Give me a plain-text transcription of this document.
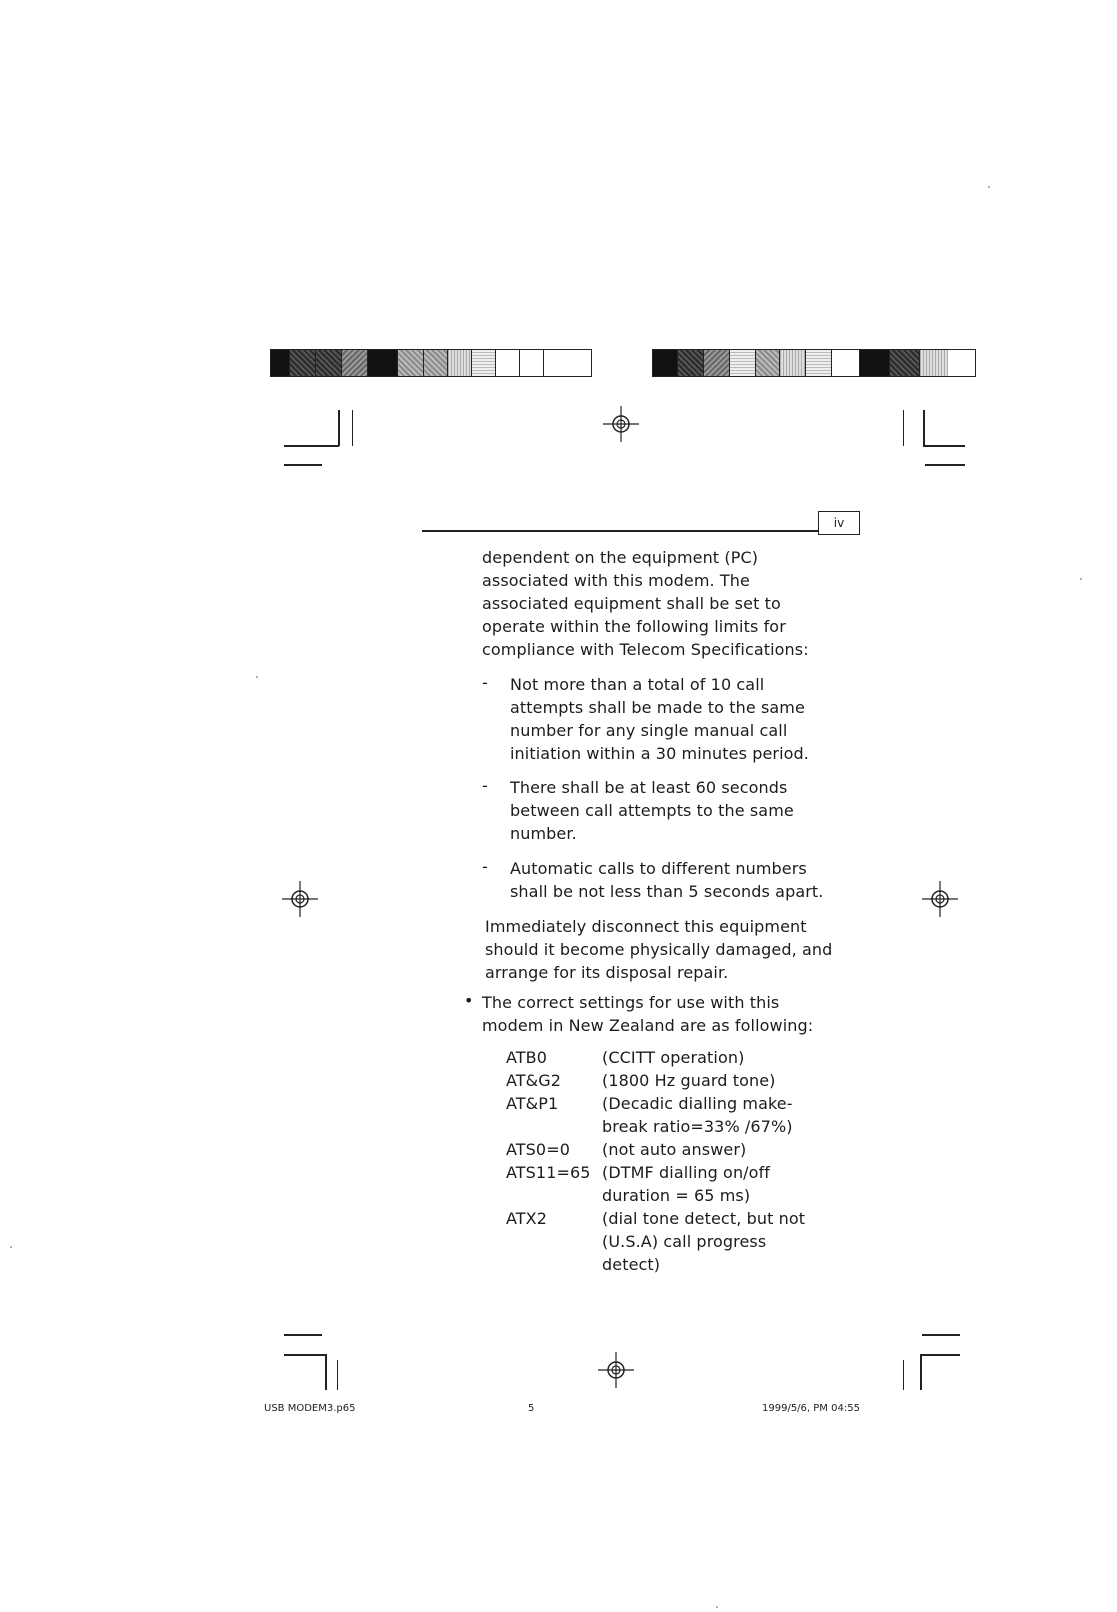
iv
dependent on the equipment (PC)
associated with this modem. The
associated equipment shall be set to
operate within the following limits for
compliance with Telecom Specifications:
- Not more than a total of 10 call
attempts shall be made to the same
number for any single manual call
initiation within a 30 minutes period.
- There shall be at least 60 seconds
between call attempts to the same
number.
- Automatic calls to different numbers
shall be not less than 5 seconds apart.
Immediately disconnect this equipment
should it become physically damaged, and
arrange for its disposal repair.
• The correct settings for use with this
modem in New Zealand are as following:
ATB0	(CCITT operation)
AT&G2	(1800 Hz guard tone)
AT&P1	(Decadic dialling make-
break ratio=33% /67%)
ATS0=0	(not auto answer)
ATS11=65 (DTMF dialling on/off
duration = 65 ms)
ATX2	(dial tone detect, but not
(U.S.A) call progress
detect)
USB MODEM3.p65	5	1999/5/6, PM 04:55
